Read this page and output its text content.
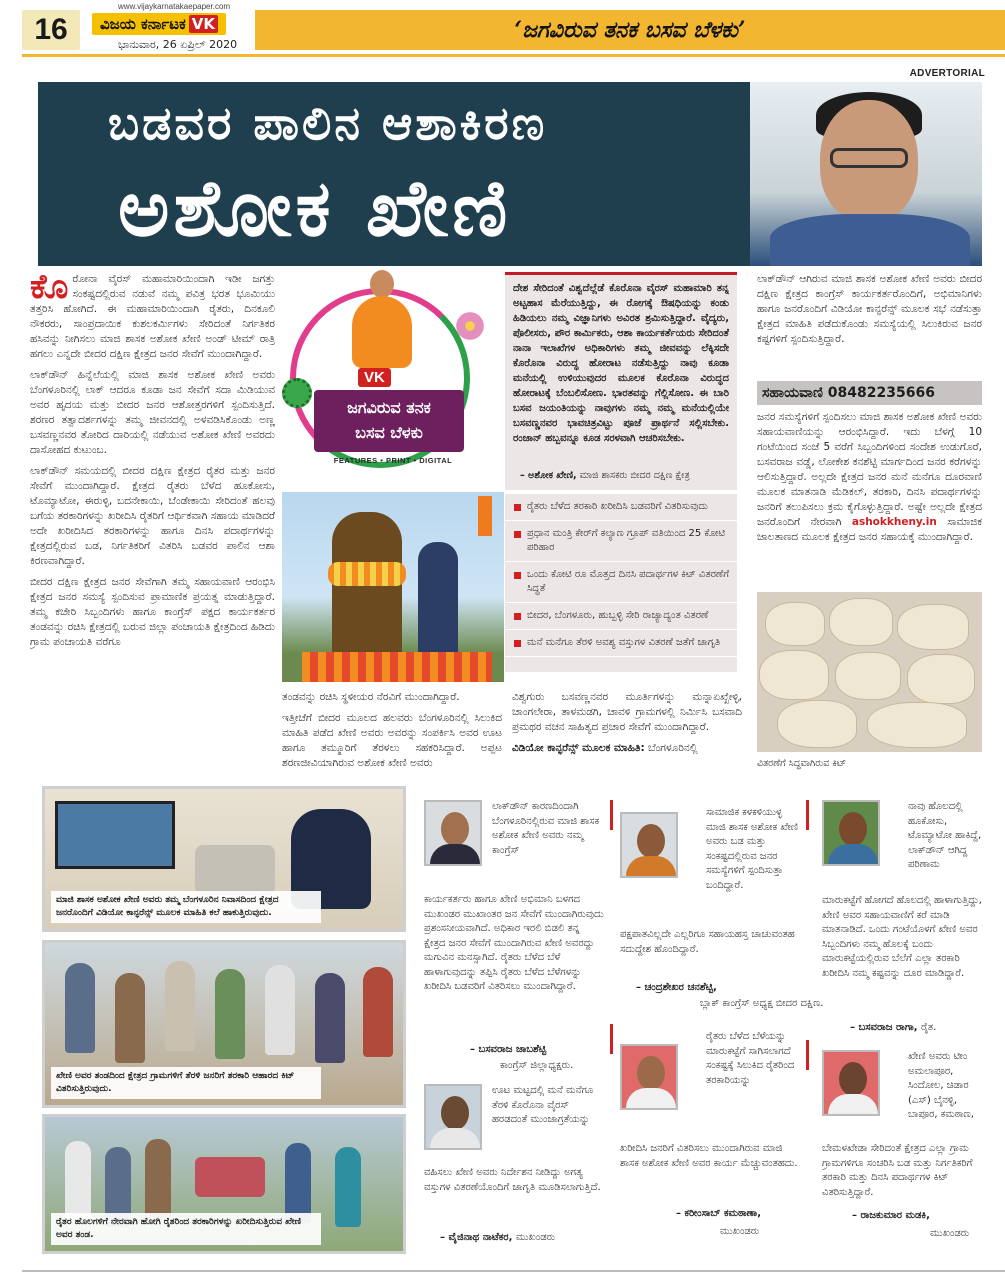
16
www.vijaykarnatakaepaper.com
ವಿಜಯ ಕರ್ನಾಟಕ VK
ಭಾನುವಾರ, 26 ಏಪ್ರಿಲ್ 2020
‘ಜಗವಿರುವ ತನಕ ಬಸವ ಬೆಳಕು’
ADVERTORIAL
ಬಡವರ ಪಾಲಿನ ಆಶಾಕಿರಣ
ಅಶೋಕ ಖೇಣಿ

ಕೊರೋನಾ ವೈರಸ್ ಮಹಾಮಾರಿಯಿಂದಾಗಿ ಇಡೀ ಜಗತ್ತು ಸಂಕಷ್ಟದಲ್ಲಿರುವ ನಡುವೆ ನಮ್ಮ ಪವಿತ್ರ ಭರತ ಭೂಮಿಯು ತತ್ತರಿಸಿ ಹೋಗಿದೆ. ಈ ಮಹಾಮಾರಿಯಿಂದಾಗಿ ರೈತರು, ದಿನಕೂಲಿ ನೌಕರರು, ಸಾಂಪ್ರದಾಯಿಕ ಕುಶಲಕರ್ಮಿಗಳು ಸೇರಿದಂತೆ ನಿರ್ಗತಿಕರ ಹಸಿವನ್ನು ನೀಗಿಸಲು ಮಾಜಿ ಶಾಸಕ ಅಶೋಕ ಖೇಣಿ ಅಂಡ್ ಟೀಮ್ ರಾತ್ರಿ ಹಗಲು ಎನ್ನದೇ ಬೀದರ ದಕ್ಷಿಣ ಕ್ಷೇತ್ರದ ಜನರ ಸೇವೆಗೆ ಮುಂದಾಗಿದ್ದಾರೆ.

ಲಾಕ್‌ಡೌನ್ ಹಿನ್ನೆಲೆಯಲ್ಲಿ ಮಾಜಿ ಶಾಸಕ ಅಶೋಕ ಖೇಣಿ ಅವರು ಬೆಂಗಳೂರಿನಲ್ಲಿ ಲಾಕ್ ಆದರೂ ಕೂಡಾ ಜನ ಸೇವೆಗೆ ಸದಾ ಮಿಡಿಯುವ ಅವರ ಹೃದಯ ಮತ್ತು ಬೀದರ ಜನರ ಆಶೋತ್ತರಗಳಿಗೆ ಸ್ಪಂದಿಸುತ್ತಿದೆ. ಶರಣರ ತತ್ವಾದರ್ಶಗಳನ್ನು ತಮ್ಮ ಜೀವನದಲ್ಲಿ ಅಳವಡಿಸಿಕೊಂಡು ಅಣ್ಣ ಬಸವಣ್ಣನವರ ತೋರಿದ ದಾರಿಯಲ್ಲಿ ನಡೆಯುವ ಅಶೋಕ ಖೇಣಿ ಅವರದು ದಾಸೋಹದ ಕುಟುಂಬ.

ಲಾಕ್‌ಡೌನ್ ಸಮಯದಲ್ಲಿ ಬೀದರ ದಕ್ಷಿಣ ಕ್ಷೇತ್ರದ ರೈತರ ಮತ್ತು ಜನರ ಸೇವೆಗೆ ಮುಂದಾಗಿದ್ದಾರೆ. ಕ್ಷೇತ್ರದ ರೈತರು ಬೆಳೆದ ಹೂಕೋಸು, ಟೊಮ್ಯಾಟೋ, ಈರುಳ್ಳಿ, ಬದನೇಕಾಯಿ, ಬೆಂಡೇಕಾಯಿ ಸೇರಿದಂತೆ ಹಲವು ಬಗೆಯ ತರಕಾರಿಗಳನ್ನು ಖರೀದಿಸಿ ರೈತರಿಗೆ ಆರ್ಥಿಕವಾಗಿ ಸಹಾಯ ಮಾಡಿದರೆ ಅದೇ ಖರೀದಿಸಿದ ತರಕಾರಿಗಳನ್ನು ಹಾಗೂ ದಿನಸಿ ಪದಾರ್ಥಗಳನ್ನು ಕ್ಷೇತ್ರದಲ್ಲಿರುವ ಬಡ, ನಿರ್ಗತಿಕರಿಗೆ ವಿತರಿಸಿ ಬಡವರ ಪಾಲಿನ ಆಶಾ ಕಿರಣವಾಗಿದ್ದಾರೆ.

ಬೀದರ ದಕ್ಷಿಣ ಕ್ಷೇತ್ರದ ಜನರ ಸೇವೆಗಾಗಿ ತಮ್ಮ ಸಹಾಯವಾಣಿ ಆರಂಭಿಸಿ ಕ್ಷೇತ್ರದ ಜನರ ಸಮಸ್ಯೆ ಸ್ಪಂದಿಸುವ ಪ್ರಾಮಾಣಿಕ ಪ್ರಯತ್ನ ಮಾಡುತ್ತಿದ್ದಾರೆ. ತಮ್ಮ ಕಚೇರಿ ಸಿಬ್ಬಂದಿಗಳು ಹಾಗೂ ಕಾಂಗ್ರೆಸ್ ಪಕ್ಷದ ಕಾರ್ಯಕರ್ತರ ತಂಡವನ್ನು ರಚಿಸಿ ಕ್ಷೇತ್ರದಲ್ಲಿ ಬರುವ ಜಿಲ್ಲಾ ಪಂಚಾಯತಿ ಕ್ಷೇತ್ರದಿಂದ ಹಿಡಿದು ಗ್ರಾಮ ಪಂಚಾಯತಿ ವರೆಗೂ

VK
ಜಗವಿರುವ ತನಕ
ಬಸವ ಬೆಳಕು
FEATURES • PRINT • DIGITAL
ದೇಶ ಸೇರಿದಂತೆ ವಿಶ್ವದೆಲ್ಲೆಡೆ ಕೊರೊನಾ ವೈರಸ್ ಮಹಾಮಾರಿ ತನ್ನ ಅಟ್ಟಹಾಸ ಮೆರೆಯುತ್ತಿದ್ದು, ಈ ರೋಗಕ್ಕೆ ಔಷಧಿಯನ್ನು ಕಂಡು ಹಿಡಿಯಲು ನಮ್ಮ ವಿಜ್ಞಾನಿಗಳು ಅವಿರತ ಶ್ರಮಿಸುತ್ತಿದ್ದಾರೆ. ವೈದ್ಯರು, ಪೊಲೀಸರು, ಪೌರ ಕಾರ್ಮಿಕರು, ಆಶಾ ಕಾರ್ಯಕರ್ತೆಯರು ಸೇರಿದಂತೆ ನಾನಾ ಇಲಾಖೆಗಳ ಅಧಿಕಾರಿಗಳು ತಮ್ಮ ಜೀವವನ್ನು ಲೆಕ್ಕಿಸದೇ ಕೊರೊನಾ ವಿರುದ್ಧ ಹೋರಾಟ ನಡೆಸುತ್ತಿದ್ದು ನಾವು ಕೂಡಾ ಮನೆಯಲ್ಲಿ ಉಳಿಯುವುದರ ಮೂಲಕ ಕೊರೊನಾ ವಿರುದ್ಧದ ಹೋರಾಟಕ್ಕೆ ಬೆಂಬಲಿಸೋಣ. ಭಾರತವನ್ನು ಗೆಲ್ಲಿಸೋಣ. ಈ ಬಾರಿ ಬಸವ ಜಯಂತಿಯನ್ನು ನಾವುಗಳು ನಮ್ಮ ನಮ್ಮ ಮನೆಯಲ್ಲಿಯೇ ಬಸವಣ್ಣನವರ ಭಾವಚಿತ್ರವಿಟ್ಟು ಪೂಜೆ ಪ್ರಾರ್ಥನೆ ಸಲ್ಲಿಸಬೇಕು. ರಂಜಾನ್ ಹಬ್ಬವನ್ನೂ ಕೂಡ ಸರಳವಾಗಿ ಆಚರಿಸಬೇಕು.
– ಅಶೋಕ ಖೇಣಿ, ಮಾಜಿ ಶಾಸಕರು ಬೀದರ ದಕ್ಷಿಣ ಕ್ಷೇತ್ರ
ರೈತರು ಬೆಳೆದ ತರಕಾರಿ ಖರೀದಿಸಿ ಬಡವರಿಗೆ ವಿತರಿಸುವುದು
ಪ್ರಧಾನ ಮಂತ್ರಿ ಕೇರ್‌ಗೆ ಕಲ್ಯಾಣ ಗ್ರೂಪ್ ವತಿಯಿಂದ 25 ಕೋಟಿ ಪರಿಹಾರ
ಒಂದು ಕೋಟಿ ರೂ ಮೊತ್ತದ ದಿನಸಿ ಪದಾರ್ಥಗಳ ಕಿಟ್ ವಿತರಣೆಗೆ ಸಿದ್ಧತೆ
ಬೀದರ, ಬೆಂಗಳೂರು, ಹುಬ್ಬಳ್ಳಿ ಸೇರಿ ರಾಜ್ಯಾದ್ಯಂತ ವಿತರಣೆ
ಮನೆ ಮನೆಗೂ ತೆರಳಿ ಅವಶ್ಯ ವಸ್ತುಗಳ ವಿತರಣೆ ಜತೆಗೆ ಜಾಗೃತಿ

ತಂಡವನ್ನು ರಚಿಸಿ ಸ್ಥಳೀಯರ ನೆರವಿಗೆ ಮುಂದಾಗಿದ್ದಾರೆ.

ಇತ್ತೀಚೆಗೆ ಬೀದರ ಮೂಲದ ಹಲವರು ಬೆಂಗಳೂರಿನಲ್ಲಿ ಸಿಲುಕಿದ ಮಾಹಿತಿ ಪಡೆದ ಖೇಣಿ ಅವರು ಅವರನ್ನು ಸಂಪರ್ಕಿಸಿ ಅವರ ಊಟ ಹಾಗೂ ತಮ್ಮೂರಿಗೆ ತೆರಳಲು ಸಹಕರಿಸಿದ್ದಾರೆ. ಅಪ್ಪಟ ಶರಣಜೀವಿಯಾಗಿರುವ ಅಶೋಕ ಖೇಣಿ ಅವರು

ವಿಶ್ವಗುರು ಬಸವಣ್ಣನವರ ಮೂರ್ತಿಗಳನ್ನು ಮನ್ನಾಏಖ್ಖೇಳ್ಳಿ, ಚಾಂಗಲೇರಾ, ತಾಳಮಡಗಿ, ಚಾವಳಿ ಗ್ರಾಮಗಳಲ್ಲಿ ನಿರ್ಮಿಸಿ ಬಸವಾದಿ ಪ್ರಮಥರ ವಚನ ಸಾಹಿತ್ಯದ ಪ್ರಚಾರ ಸೇವೆಗೆ ಮುಂದಾಗಿದ್ದಾರೆ.

ವಿಡಿಯೋ ಕಾನ್ಫರೆನ್ಸ್ ಮೂಲಕ ಮಾಹಿತಿ: ಬೆಂಗಳೂರಿನಲ್ಲಿ

ಲಾಕ್‌ಡೌನ್ ಆಗಿರುವ ಮಾಜಿ ಶಾಸಕ ಅಶೋಕ ಖೇಣಿ ಅವರು ಬೀದರ ದಕ್ಷಿಣ ಕ್ಷೇತ್ರದ ಕಾಂಗ್ರೆಸ್ ಕಾರ್ಯಕರ್ತರೊಂದಿಗೆ, ಅಭಿಮಾನಿಗಳು ಹಾಗೂ ಜನರೊಂದಿಗೆ ವಿಡಿಯೋ ಕಾನ್ಫರೆನ್ಸ್ ಮೂಲಕ ಸಭೆ ನಡೆಸುತ್ತಾ ಕ್ಷೇತ್ರದ ಮಾಹಿತಿ ಪಡೆದುಕೊಂಡು ಸಮಸ್ಯೆಯಲ್ಲಿ ಸಿಲುಕಿರುವ ಜನರ ಕಷ್ಟಗಳಿಗೆ ಸ್ಪಂದಿಸುತ್ತಿದ್ದಾರೆ.

ಸಹಾಯವಾಣಿ 08482235666
ಜನರ ಸಮಸ್ಯೆಗಳಿಗೆ ಸ್ಪಂದಿಸಲು ಮಾಜಿ ಶಾಸಕ ಅಶೋಕ ಖೇಣಿ ಅವರು ಸಹಾಯವಾಣಿಯನ್ನು ಆರಂಭಿಸಿದ್ದಾರೆ. ಇದು ಬೆಳಗ್ಗೆ 10 ಗಂಟೆಯಿಂದ ಸಂಜೆ 5 ವರೆಗೆ ಸಿಬ್ಬಂದಿಗಳಿಂದ ಸಂದೇಶ ಉಡುಗೊರೆ, ಬಸವರಾಜ ವಡ್ಡೆ, ಲೋಕೇಶ ಕನಶೆಟ್ಟಿ ಮಾರ್ಗದಿಂದ ಜನರ ಕರೆಗಳನ್ನು ಆಲಿಸುತ್ತಿದ್ದಾರೆ. ಅಲ್ಲದೇ ಕ್ಷೇತ್ರದ ಜನರ ಮನೆ ಮನೆಗೂ ದೂರವಾಣಿ ಮೂಲಕ ಮಾತನಾಡಿ ಮೆಡಿಕಲ್, ತರಕಾರಿ, ದಿನಸಿ ಪದಾರ್ಥಗಳನ್ನು ಜನರಿಗೆ ತಲುಪಿಸಲು ಕ್ರಮ ಕೈಗೊಳ್ಳುತ್ತಿದ್ದಾರೆ. ಅಷ್ಟೇ ಅಲ್ಲದೇ ಕ್ಷೇತ್ರದ ಜನರೊಂದಿಗೆ ನೇರವಾಗಿ ashokkheny.in ಸಾಮಾಜಿಕ ಜಾಲತಾಣದ ಮೂಲಕ ಕ್ಷೇತ್ರದ ಜನರ ಸಹಾಯಕ್ಕೆ ಮುಂದಾಗಿದ್ದಾರೆ.
ವಿತರಣೆಗೆ ಸಿದ್ಧವಾಗಿರುವ ಕಿಟ್
ಮಾಜಿ ಶಾಸಕ ಅಶೋಕ ಖೇಣಿ ಅವರು ತಮ್ಮ ಬೆಂಗಳೂರಿನ ನಿವಾಸದಿಂದ ಕ್ಷೇತ್ರದ ಜನರೊಂದಿಗೆ ವಿಡಿಯೋ ಕಾನ್ಫರೆನ್ಸ್ ಮೂಲಕ ಮಾಹಿತಿ ಕಲೆ ಹಾಕುತ್ತಿರುವುದು.
ಖೇಣಿ ಅವರ ತಂಡದಿಂದ ಕ್ಷೇತ್ರದ ಗ್ರಾಮಗಳಿಗೆ ತೆರಳಿ ಜನರಿಗೆ ತರಕಾರಿ ಆಹಾರದ ಕಿಟ್ ವಿತರಿಸುತ್ತಿರುವುದು.
ರೈತರ ಹೊಲಗಳಿಗೆ ನೇರವಾಗಿ ಹೋಗಿ ರೈತರಿಂದ ತರಕಾರಿಗಳನ್ನು ಖರೀದಿಸುತ್ತಿರುವ ಖೇಣಿ ಅವರ ತಂಡ.
ಲಾಕ್‌ಡೌನ್ ಕಾರಣದಿಂದಾಗಿ ಬೆಂಗಳೂರಿನಲ್ಲಿರುವ ಮಾಜಿ ಶಾಸಕ ಅಶೋಕ ಖೇಣಿ ಅವರು ನಮ್ಮ ಕಾಂಗ್ರೆಸ್
ಕಾರ್ಯಕರ್ತರು ಹಾಗೂ ಖೇಣಿ ಅಭಿಮಾನಿ ಬಳಗದ ಮುಖಂಡರ ಮುಖಾಂತರ ಜನ ಸೇವೆಗೆ ಮುಂದಾಗಿರುವುದು ಪ್ರಶಂಸನೀಯವಾಗಿದೆ. ಅಧಿಕಾರ ಇರಲಿ ಬಿಡಲಿ ತನ್ನ ಕ್ಷೇತ್ರದ ಜನರ ಸೇವೆಗೆ ಮುಂದಾಗಿರುವ ಖೇಣಿ ಅವರದ್ದು ಮಗುವಿನ ಮನಸ್ಸಾಗಿದೆ. ರೈತರು ಬೆಳೆದ ಬೆಳೆ ಹಾಳಾಗುವುದನ್ನು ತಪ್ಪಿಸಿ ರೈತರು ಬೆಳೆದ ಬೆಳೆಗಳನ್ನು ಖರೀದಿಸಿ ಬಡವರಿಗೆ ವಿತರಿಸಲು ಮುಂದಾಗಿದ್ದಾರೆ.
– ಬಸವರಾಜ ಜಾಬಶೆಟ್ಟಿ
ಕಾಂಗ್ರೆಸ್ ಜಿಲ್ಲಾಧ್ಯಕ್ಷರು.
ಊಟ ಮಟ್ಟದಲ್ಲಿ ಮನೆ ಮನೆಗೂ ತೆರಳಿ ಕೊರೊನಾ ವೈರಸ್ ಹರಡದಂತೆ ಮುಂಜಾಗ್ರತೆಯನ್ನು
ವಹಿಸಲು ಖೇಣಿ ಅವರು ನಿರ್ದೇಶನ ನೀಡಿದ್ದು ಅಗತ್ಯ ವಸ್ತುಗಳ ವಿತರಣೆಯೊಂದಿಗೆ ಜಾಗೃತಿ ಮೂಡಿಸಲಾಗುತ್ತಿದೆ.
– ವೈಜಿನಾಥ ನಾಟೆಕರ, ಮುಖಂಡರು
ಸಾಮಾಜಿಕ ಕಳಕಳಿಯುಳ್ಳ ಮಾಜಿ ಶಾಸಕ ಅಶೋಕ ಖೇಣಿ ಅವರು ಬಡ ಮತ್ತು ಸಂಕಷ್ಟದಲ್ಲಿರುವ ಜನರ ಸಮಸ್ಯೆಗಳಿಗೆ ಸ್ಪಂದಿಸುತ್ತಾ ಬಂದಿದ್ದಾರೆ.
ಪಕ್ಷಪಾತವಿಲ್ಲದೇ ಎಲ್ಲರಿಗೂ ಸಹಾಯಹಸ್ತ ಚಾಚುವಂತಹ ಸದುದ್ದೇಶ ಹೊಂದಿದ್ದಾರೆ.
– ಚಂದ್ರಶೇಖರ ಚನಶೆಟ್ಟಿ,
ಬ್ಲಾಕ್ ಕಾಂಗ್ರೆಸ್ ಅಧ್ಯಕ್ಷ ಬೀದರ ದಕ್ಷಿಣ.
ರೈತರು ಬೆಳೆದ ಬೆಳೆಯನ್ನು ಮಾರುಕಟ್ಟೆಗೆ ಸಾಗಿಸಲಾಗದೆ ಸಂಕಷ್ಟಕ್ಕೆ ಸಿಲುಕಿದ ರೈತರಿಂದ ತರಕಾರಿಯನ್ನು
ಖರೀದಿಸಿ ಜನರಿಗೆ ವಿತರಿಸಲು ಮುಂದಾಗಿರುವ ಮಾಜಿ ಶಾಸಕ ಅಶೋಕ ಖೇಣಿ ಅವರ ಕಾರ್ಯ ಮೆಚ್ಚುವಂತಹದು.
– ಕರೀಂಸಾಬ್ ಕಮಠಾಣಾ,
ಮುಖಂಡರು
ನಾವು ಹೊಲದಲ್ಲಿ ಹೂಕೋಸು, ಟೊಮ್ಯಾಟೋ ಹಾಕಿದ್ದೆ, ಲಾಕ್‌ಡೌನ್ ಆಗಿದ್ದ ಪರಿಣಾಮ
ಮಾರುಕಟ್ಟೆಗೆ ಹೋಗದೆ ಹೊಲದಲ್ಲಿ ಹಾಳಾಗುತ್ತಿದ್ದು, ಖೇಣಿ ಅವರ ಸಹಾಯವಾಣಿಗೆ ಕರೆ ಮಾಡಿ ಮಾತನಾಡಿದೆ. ಒಂದು ಗಂಟೆಯೊಳಗೆ ಖೇಣಿ ಅವರ ಸಿಬ್ಬಂದಿಗಳು ನಮ್ಮ ಹೊಲಕ್ಕೆ ಬಂದು ಮಾರುಕಟ್ಟೆಯಲ್ಲಿರುವ ಬೆಲೆಗೆ ಎಲ್ಲಾ ತರಕಾರಿ ಖರೀದಿಸಿ ನಮ್ಮ ಕಷ್ಟವನ್ನು ದೂರ ಮಾಡಿದ್ದಾರೆ.
– ಬಸವರಾಜ ರಾಗಾ, ರೈತ.
ಖೇಣಿ ಅವರು ಟೀಂ ಅಮಲಾಪೂರ, ಸಿಂದೋಲ, ಚಿಡಾರ (ಎಸ್) ಬೈನಳ್ಳಿ, ಬಾಪೂರ, ಕಮಠಾಣ,
ಬೇಮಳಖೇಡಾ ಸೇರಿದಂತೆ ಕ್ಷೇತ್ರದ ಎಲ್ಲಾ ಗ್ರಾಮ ಗ್ರಾಮಗಳಿಗೂ ಸಂಚರಿಸಿ ಬಡ ಮತ್ತು ನಿರ್ಗತಿಕರಿಗೆ ತರಕಾರಿ ಮತ್ತು ದಿನಸಿ ಪದಾರ್ಥಗಳ ಕಿಟ್ ವಿತರಿಸುತ್ತಿದ್ದಾರೆ.
– ರಾಜಕುಮಾರ ಮಡಕಿ,
ಮುಖಂಡರು
